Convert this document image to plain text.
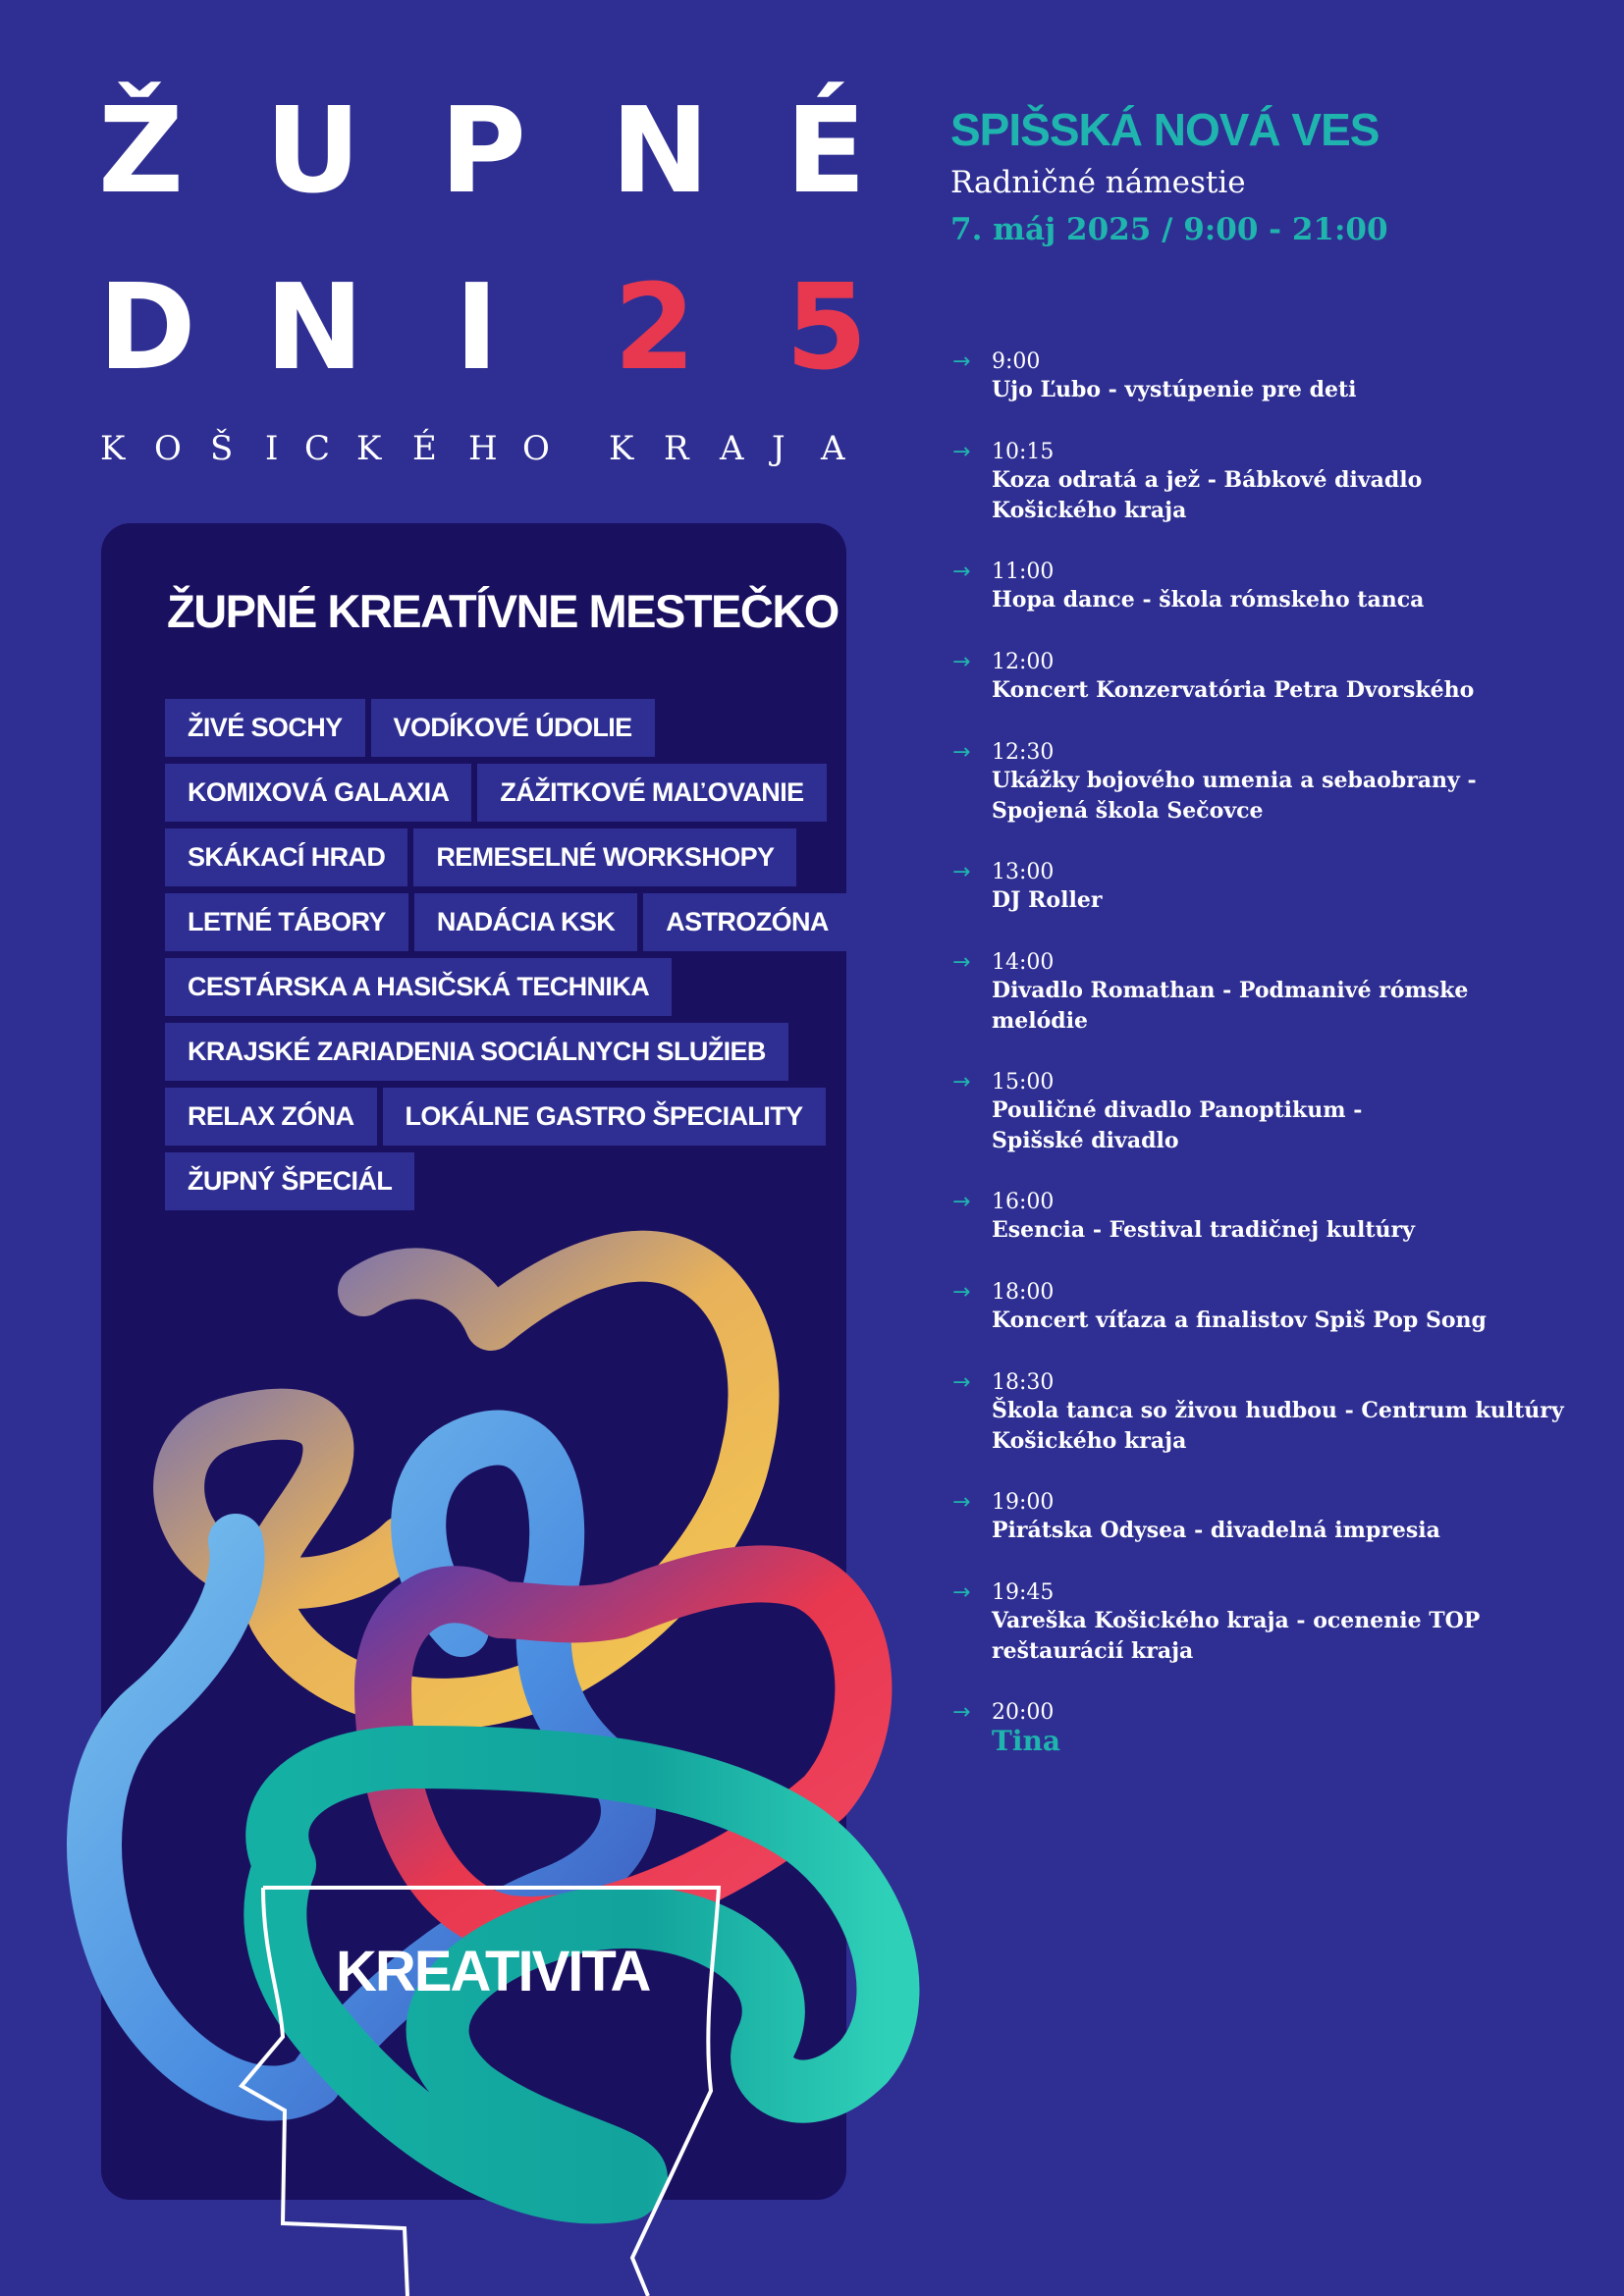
Ž U P N É
D N I 2 5
K O Š I C K É H O K R A J A
ŽUPNÉ KREATÍVNE MESTEČKO
ŽIVÉ SOCHY	VODÍKOVÉ ÚDOLIE
KOMIXOVÁ GALAXIA	ZÁŽITKOVÉ MAĽOVANIE
SKÁKACÍ HRAD	REMESELNÉ WORKSHOPY
LETNÉ TÁBORY	NADÁCIA KSK	ASTROZÓNA
CESTÁRSKA A HASIČSKÁ TECHNIKA
KRAJSKÉ ZARIADENIA SOCIÁLNYCH SLUŽIEB
RELAX ZÓNA	LOKÁLNE GASTRO ŠPECIALITY
ŽUPNÝ ŠPECIÁL
KREATIVITA
SPIŠSKÁ NOVÁ VES
Radničné námestie
7. máj 2025 / 9:00 - 21:00
→ 9:00
Ujo Ľubo - vystúpenie pre deti
→ 10:15
Koza odratá a jež - Bábkové divadlo
Košického kraja
→ 11:00
Hopa dance - škola rómskeho tanca
→ 12:00
Koncert Konzervatória Petra Dvorského
→ 12:30
Ukážky bojového umenia a sebaobrany -
Spojená škola Sečovce
→ 13:00
DJ Roller
→ 14:00
Divadlo Romathan - Podmanivé rómske
melódie
→ 15:00
Pouličné divadlo Panoptikum -
Spišské divadlo
→ 16:00
Esencia - Festival tradičnej kultúry
→ 18:00
Koncert víťaza a finalistov Spiš Pop Song
→ 18:30
Škola tanca so živou hudbou - Centrum kultúry
Košického kraja
→ 19:00
Pirátska Odysea - divadelná impresia
→ 19:45
Vareška Košického kraja - ocenenie TOP
reštaurácií kraja
→ 20:00
Tina
